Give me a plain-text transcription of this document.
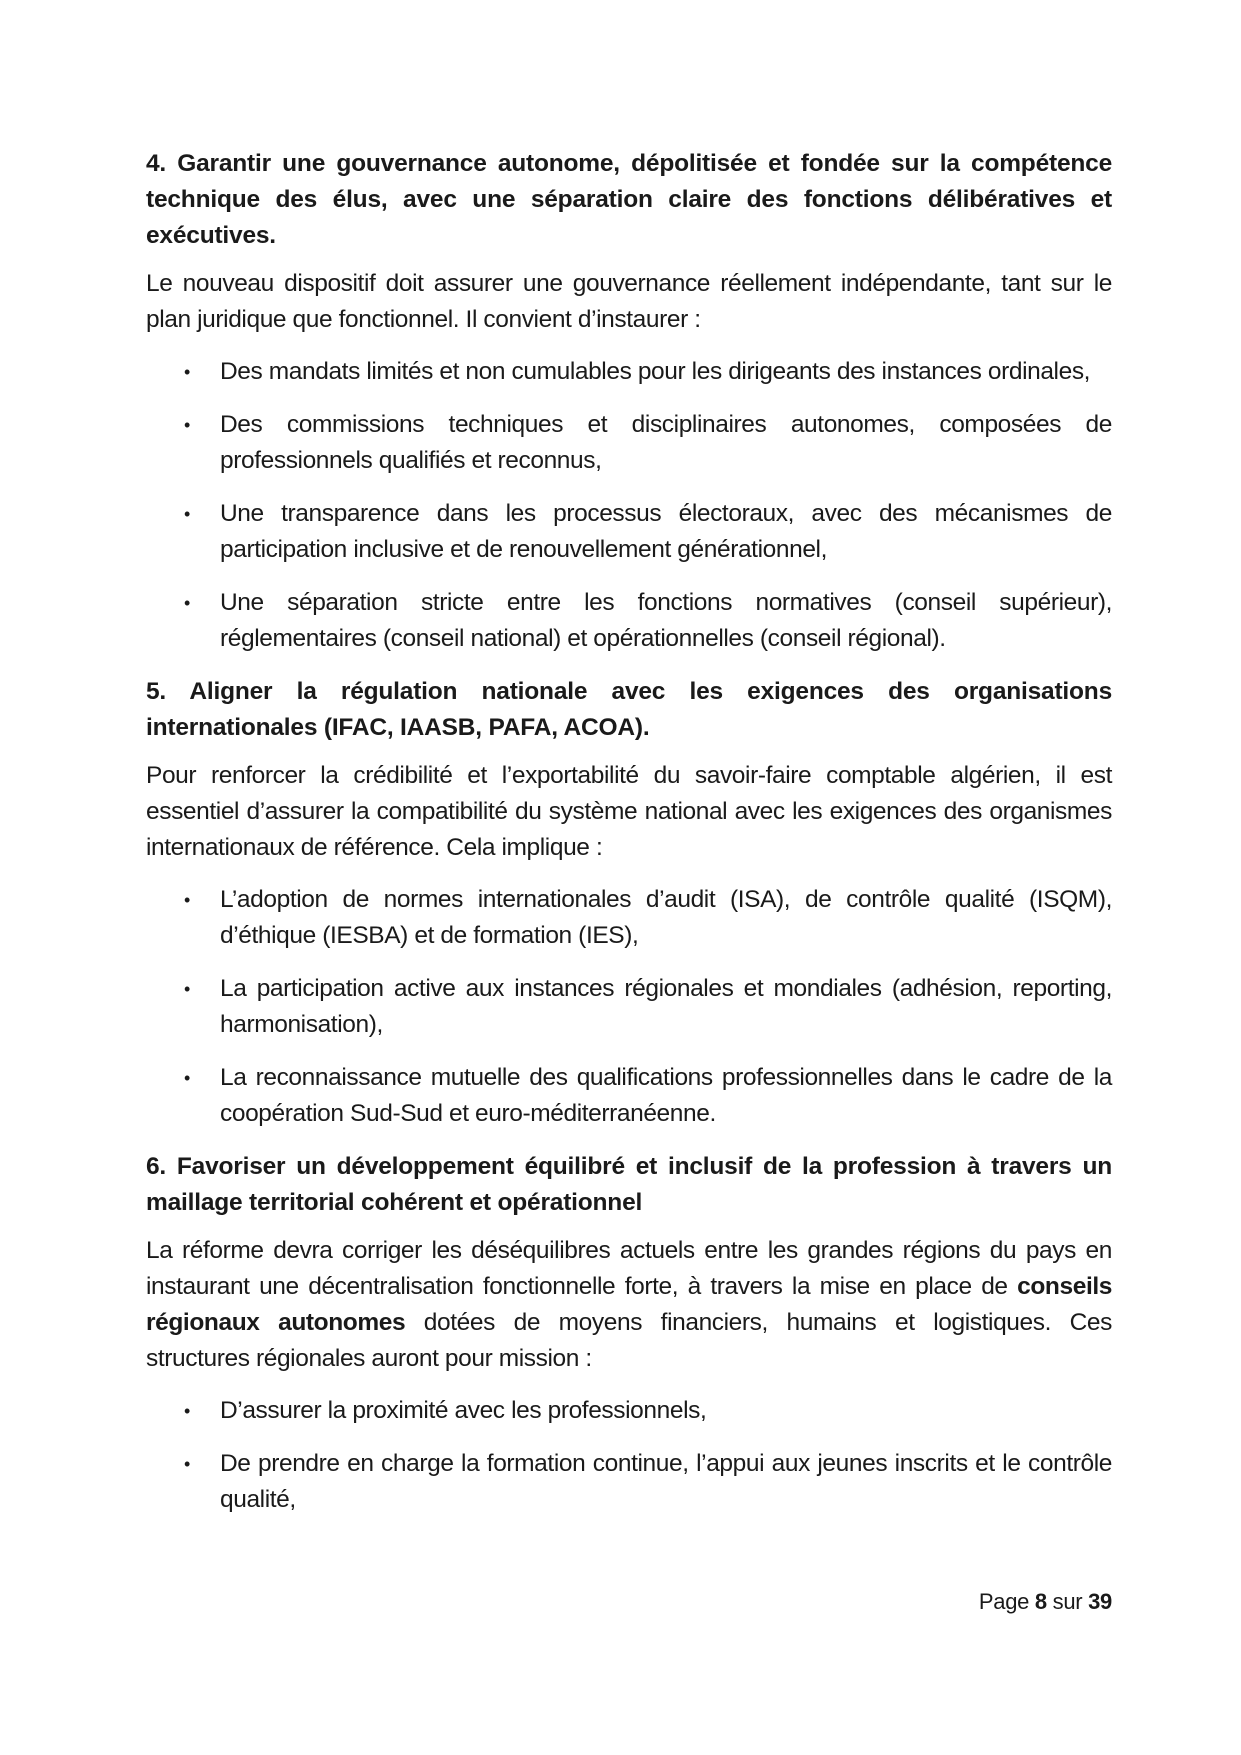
4. Garantir une gouvernance autonome, dépolitisée et fondée sur la compétence technique des élus, avec une séparation claire des fonctions délibératives et exécutives.

Le nouveau dispositif doit assurer une gouvernance réellement indépendante, tant sur le plan juridique que fonctionnel. Il convient d’instaurer :

• Des mandats limités et non cumulables pour les dirigeants des instances ordinales,
• Des commissions techniques et disciplinaires autonomes, composées de professionnels qualifiés et reconnus,
• Une transparence dans les processus électoraux, avec des mécanismes de participation inclusive et de renouvellement générationnel,
• Une séparation stricte entre les fonctions normatives (conseil supérieur), réglementaires (conseil national) et opérationnelles (conseil régional).

5. Aligner la régulation nationale avec les exigences des organisations internationales (IFAC, IAASB, PAFA, ACOA).

Pour renforcer la crédibilité et l’exportabilité du savoir-faire comptable algérien, il est essentiel d’assurer la compatibilité du système national avec les exigences des organismes internationaux de référence. Cela implique :

• L’adoption de normes internationales d’audit (ISA), de contrôle qualité (ISQM), d’éthique (IESBA) et de formation (IES),
• La participation active aux instances régionales et mondiales (adhésion, reporting, harmonisation),
• La reconnaissance mutuelle des qualifications professionnelles dans le cadre de la coopération Sud-Sud et euro-méditerranéenne.

6. Favoriser un développement équilibré et inclusif de la profession à travers un maillage territorial cohérent et opérationnel

La réforme devra corriger les déséquilibres actuels entre les grandes régions du pays en instaurant une décentralisation fonctionnelle forte, à travers la mise en place de conseils régionaux autonomes dotées de moyens financiers, humains et logistiques. Ces structures régionales auront pour mission :

• D’assurer la proximité avec les professionnels,
• De prendre en charge la formation continue, l’appui aux jeunes inscrits et le contrôle qualité,
Page 8 sur 39
